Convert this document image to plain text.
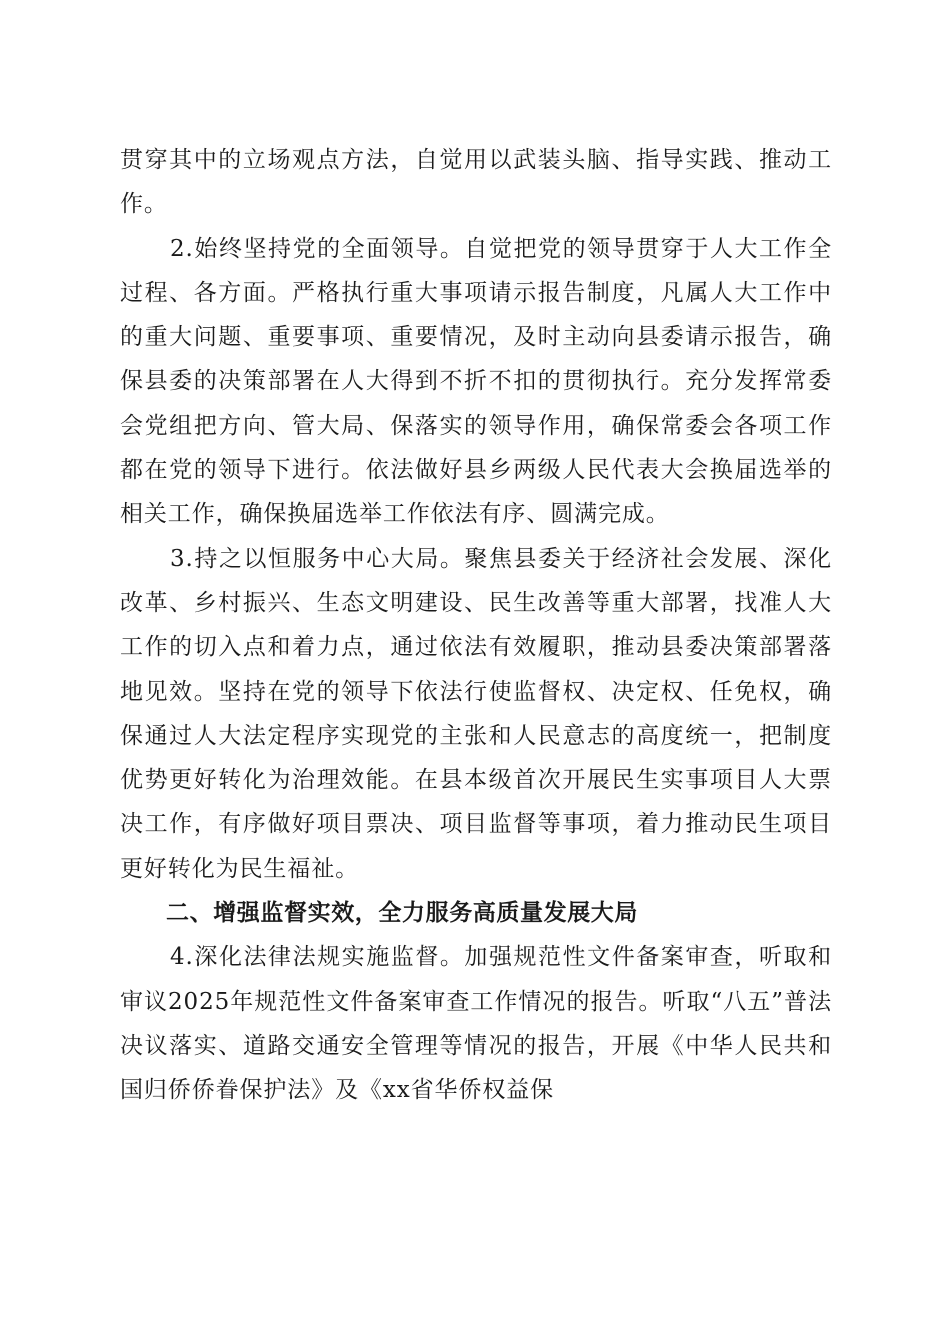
贯穿其中的立场观点方法，自觉用以武装头脑、指导实践、推动工作。

2.始终坚持党的全面领导。自觉把党的领导贯穿于人大工作全过程、各方面。严格执行重大事项请示报告制度，凡属人大工作中的重大问题、重要事项、重要情况，及时主动向县委请示报告，确保县委的决策部署在人大得到不折不扣的贯彻执行。充分发挥常委会党组把方向、管大局、保落实的领导作用，确保常委会各项工作都在党的领导下进行。依法做好县乡两级人民代表大会换届选举的相关工作，确保换届选举工作依法有序、圆满完成。

3.持之以恒服务中心大局。聚焦县委关于经济社会发展、深化改革、乡村振兴、生态文明建设、民生改善等重大部署，找准人大工作的切入点和着力点，通过依法有效履职，推动县委决策部署落地见效。坚持在党的领导下依法行使监督权、决定权、任免权，确保通过人大法定程序实现党的主张和人民意志的高度统一，把制度优势更好转化为治理效能。在县本级首次开展民生实事项目人大票决工作，有序做好项目票决、项目监督等事项，着力推动民生项目更好转化为民生福祉。

二、增强监督实效，全力服务高质量发展大局

4.深化法律法规实施监督。加强规范性文件备案审查，听取和审议2025年规范性文件备案审查工作情况的报告。听取“八五”普法决议落实、道路交通安全管理等情况的报告，开展《中华人民共和国归侨侨眷保护法》及《xx省华侨权益保
